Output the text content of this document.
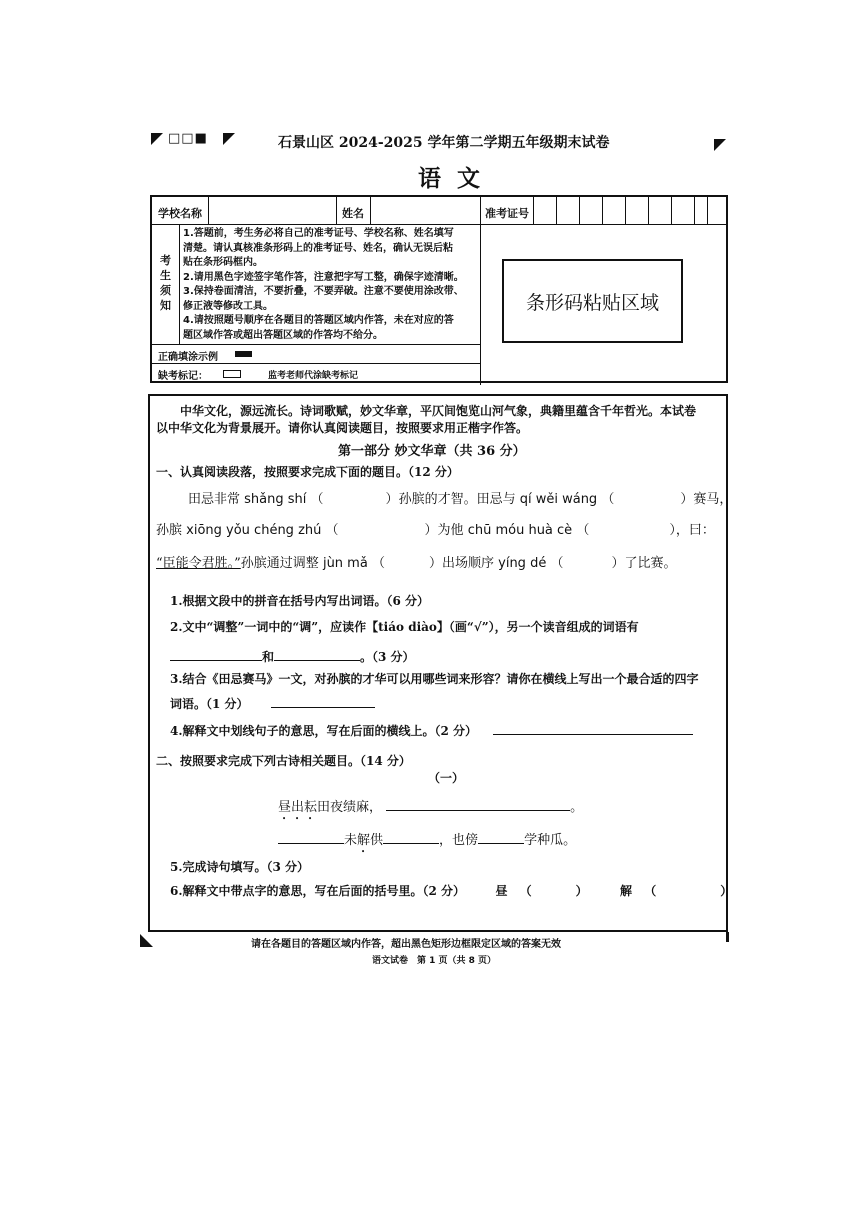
□□■	石景山区 2024-2025 学年第二学期五年级期末试卷
语 文
学校名称	姓名	准考证号
考
生
须
知
1.答题前，考生务必将自己的准考证号、学校名称、姓名填写
清楚。请认真核准条形码上的准考证号、姓名，确认无误后粘
贴在条形码框内。
2.请用黑色字迹签字笔作答，注意把字写工整，确保字迹清晰。
3.保持卷面清洁，不要折叠，不要弄破。注意不要使用涂改带、
修正液等修改工具。
4.请按照题号顺序在各题目的答题区域内作答，未在对应的答
题区域作答或超出答题区域的作答均不给分。
正确填涂示例
缺考标记：	监考老师代涂缺考标记
条形码粘贴区域
中华文化，源远流长。诗词歌赋，妙文华章，平仄间饱览山河气象，典籍里蕴含千年哲光。本试卷
以中华文化为背景展开。请你认真阅读题目，按照要求用正楷字作答。
第一部分 妙文华章（共 36 分）
一、认真阅读段落，按照要求完成下面的题目。（12 分）
田忌非常 shǎng shí （	）孙膑的才智。田忌与 qí wěi wáng （	）赛马，
孙膑 xiōng yǒu chéng zhú （	）为他 chū móu huà cè （	），曰：
“臣能令君胜。”孙膑通过调整 jùn mǎ （	）出场顺序 yíng dé （	）了比赛。
1.根据文段中的拼音在括号内写出词语。（6 分）
2.文中“调整”一词中的“调”，应读作【tiáo diào】（画“√”），另一个读音组成的词语有
和	。（3 分）
3.结合《田忌赛马》一文，对孙膑的才华可以用哪些词来形容？请你在横线上写出一个最合适的四字
词语。（1 分）
4.解释文中划线句子的意思，写在后面的横线上。（2 分）
二、按照要求完成下列古诗相关题目。（14 分）
（一）
昼出耘田夜绩麻，	。
未解供	，也傍	学种瓜。
5.完成诗句填写。（3 分）
6.解释文中带点字的意思，写在后面的括号里。（2 分）	昼 （	）	解 （	）
请在各题目的答题区域内作答，超出黑色矩形边框限定区域的答案无效
语文试卷　第 1 页（共 8 页）
